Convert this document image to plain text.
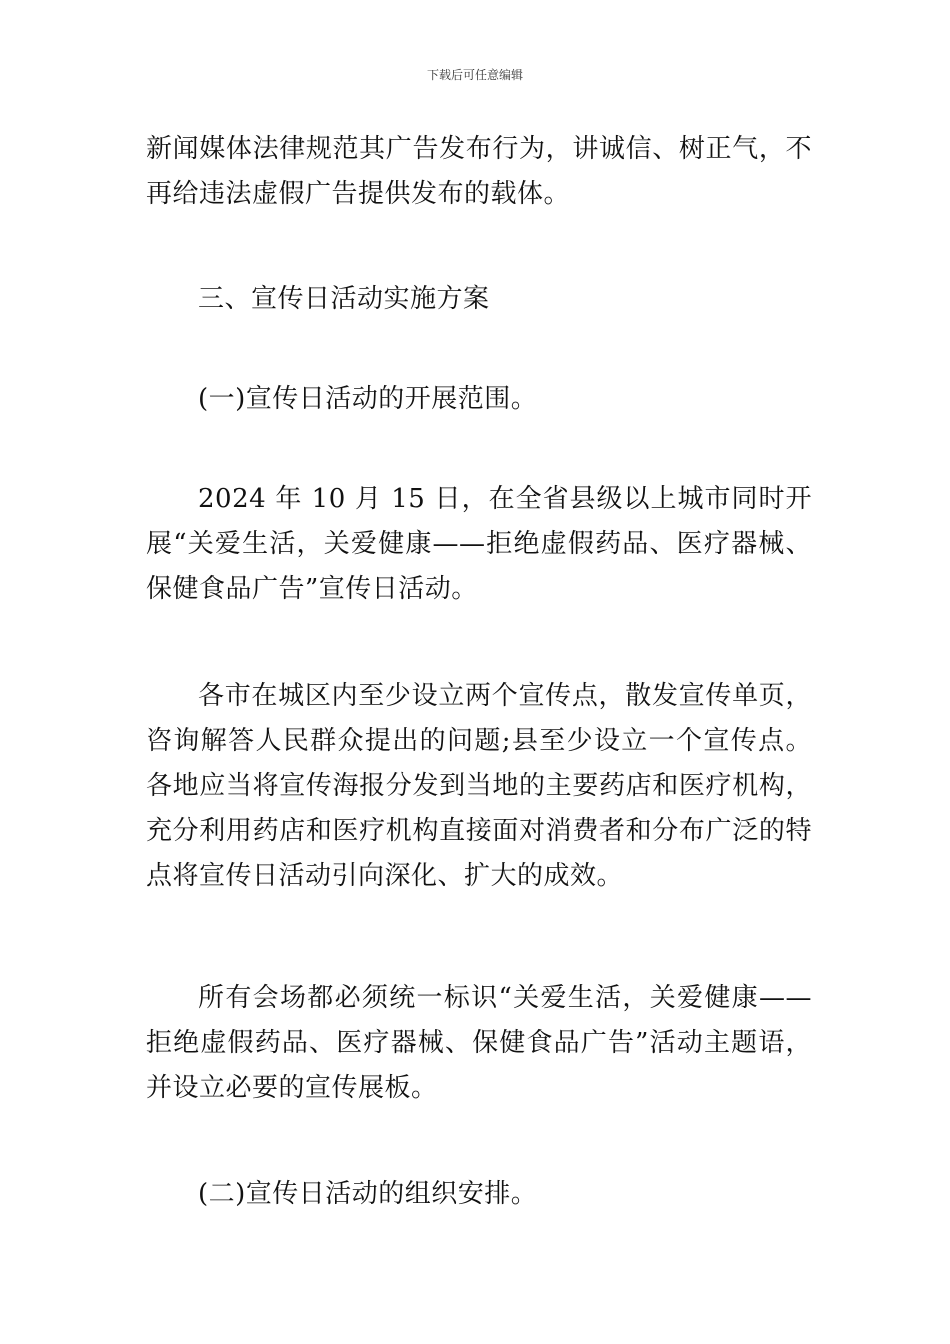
下载后可任意编辑

新闻媒体法律规范其广告发布行为，讲诚信、树正气，不再给违法虚假广告提供发布的载体。

三、宣传日活动实施方案

(一)宣传日活动的开展范围。

2024 年 10 月 15 日，在全省县级以上城市同时开展“关爱生活，关爱健康——拒绝虚假药品、医疗器械、保健食品广告”宣传日活动。

各市在城区内至少设立两个宣传点，散发宣传单页，咨询解答人民群众提出的问题;县至少设立一个宣传点。各地应当将宣传海报分发到当地的主要药店和医疗机构，充分利用药店和医疗机构直接面对消费者和分布广泛的特点将宣传日活动引向深化、扩大的成效。

所有会场都必须统一标识“关爱生活，关爱健康——拒绝虚假药品、医疗器械、保健食品广告”活动主题语，并设立必要的宣传展板。

(二)宣传日活动的组织安排。
